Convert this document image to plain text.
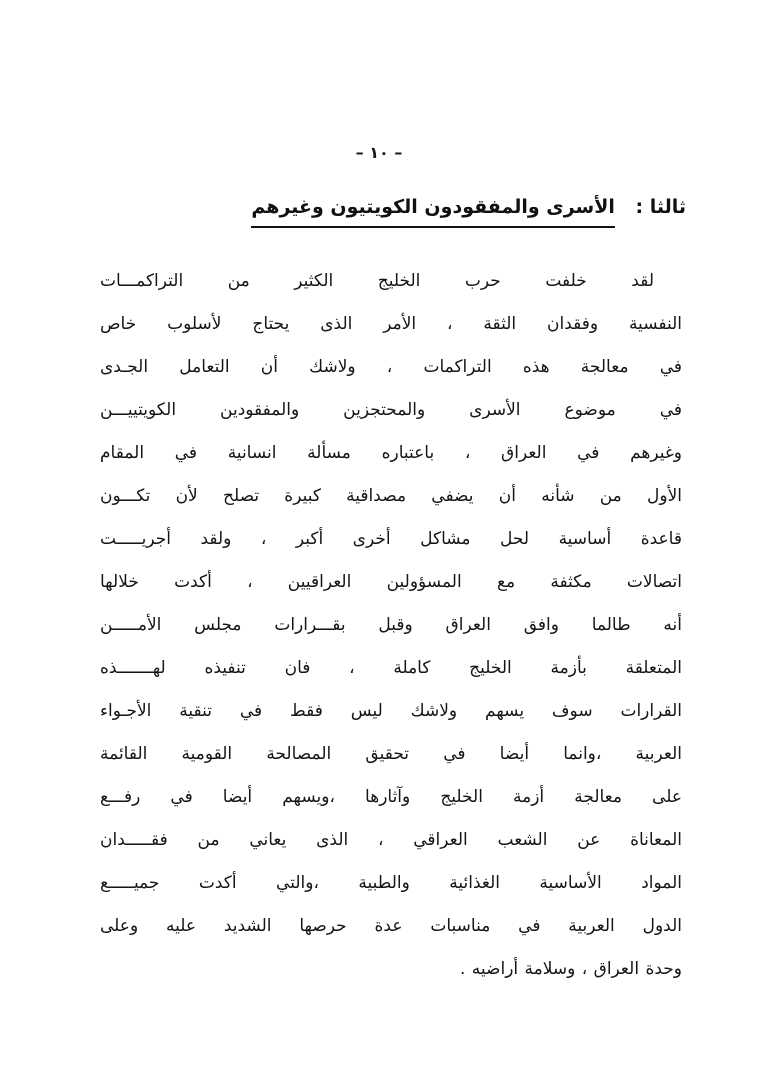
– ١٠ –
ثالثا : الأسرى والمفقودون الكويتيون وغيرهم
لقد خلفت حرب الخليج الكثير من التراكمـــات
النفسية وفقدان الثقة ، الأمر الذى يحتاج لأسلوب خاص
في معالجة هذه التراكمات ، ولاشك أن التعامل الجـدى
في موضوع الأسرى والمحتجزين والمفقودين الكويتييـــن
وغيرهم في العراق ، باعتباره مسألة انسانية في المقام
الأول من شأنه أن يضفي مصداقية كبيرة تصلح لأن تكـــون
قاعدة أساسية لحل مشاكل أخرى أكبر ، ولقد أجريـــــت
اتصالات مكثفة مع المسؤولين العراقيين ، أكدت خلالها
أنه طالما وافق العراق وقبل بقـــرارات مجلس الأمـــــن
المتعلقة بأزمة الخليج كاملة ، فان تنفيذه لهـــــــذه
القرارات سوف يسهم ولاشك ليس فقط في تنقية الأجـواء
العربية ،وانما أيضا في تحقيق المصالحة القومية القائمة
على معالجة أزمة الخليج وآثارها ،ويسهم أيضا في رفـــع
المعاناة عن الشعب العراقي ، الذى يعاني من فقـــــدان
المواد الأساسية الغذائية والطبية ،والتي أكدت جميـــــع
الدول العربية في مناسبات عدة حرصها الشديد عليه وعلى
وحدة العراق ، وسلامة أراضيه .
